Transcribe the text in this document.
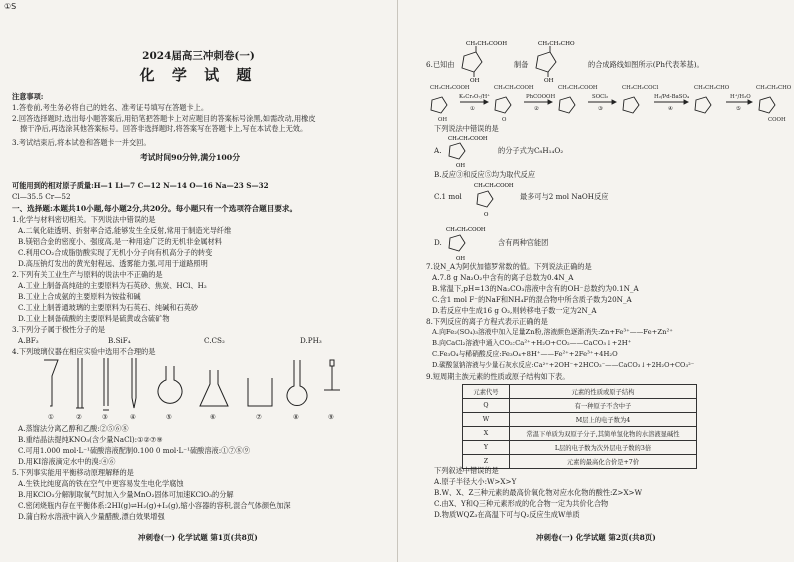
①S
2024届高三冲刺卷(一)
化 学 试 题
注意事项:
1.答卷前,考生务必将自己的姓名、准考证号填写在答题卡上。
2.回答选择题时,选出每小题答案后,用铅笔把答题卡上对应题目的答案标号涂黑,如需改动,用橡皮
擦干净后,再选涂其他答案标号。回答非选择题时,将答案写在答题卡上,写在本试卷上无效。
3.考试结束后,将本试卷和答题卡一并交回。
考试时间90分钟,满分100分
可能用到的相对原子质量:H—1 Li—7 C—12 N—14 O—16 Na—23 S—32
Cl—35.5 Cr—52
一、选择题:本题共10小题,每小题2分,共20分。每小题只有一个选项符合题目要求。
1.化学与材料密切相关。下列说法中错误的是
A.二氧化硅透明、折射率合适,能够发生全反射,常用于制造光导纤维
B.镁铝合金的密度小、强度高,是一种用途广泛的无机非金属材料
C.利用CO₂合成脂肪酸实现了无机小分子向有机高分子的转变
D.高压钠灯发出的黄光射程远、透雾能力强,可用于道路照明
2.下列有关工业生产与原料的说法中不正确的是
A.工业上制备高纯硅的主要原料为石英砂、焦炭、HCl、H₂
B.工业上合成氨的主要原料为铵盐和碱
C.工业上制普通玻璃的主要原料为石英石、纯碱和石英砂
D.工业上制备硫酸的主要原料是硫黄或含硫矿物
3.下列分子属于极性分子的是
A.BF₃	B.SiF₄	C.CS₂	D.PH₃
4.下列玻璃仪器在相应实验中选用不合理的是
①	②	③	④	⑤	⑥	⑦	⑧	⑨
A.蒸馏法分离乙醇和乙酸:②⑤⑥⑧
B.重结晶法提纯KNO₃(含少量NaCl):①②⑦⑨
C.可用1.000 mol·L⁻¹硫酸溶液配制0.100 0 mol·L⁻¹硫酸溶液:①⑦⑧⑨
D.用KI溶液滴定水中的溴:④⑥
5.下列事实能用平衡移动原理解释的是
A.生铁比纯度高的铁在空气中更容易发生电化学腐蚀
B.用KClO₃分解制取氧气时加入少量MnO₂固体可加速KClO₃的分解
C.密闭烧瓶内存在平衡体系:2HI(g)⇌H₂(g)+I₂(g),缩小容器的容积,混合气体颜色加深
D.蒲白粉水溶液中滴入少量醋酸,漂白效果增强
冲刺卷(一) 化学试题 第1页(共8页)
6.已知由
CH₂CH₂COOH
OH
制备
CH₂CH₂CHO
OH
的合成路线如图所示(Ph代表苯基)。
CH₂CH₂COOH
OH
K₂Cr₂O₇/H⁺
①
CH₂CH₂COOH
O
PhCOOOH
②
CH₂CH₂COOH
SOCl₂
③
CH₂CH₂COCl
H₂/Pd-BaSO₄
④
CH₂CH₂CHO
H⁺/H₂O
⑤
CH₂CH₂CHO
COOH
下列说法中错误的是
A.
CH₂CH₂COOH
OH
的分子式为C₈H₁₄O₂
B.反应③和反应⑤均为取代反应
C.1 mol
CH₂CH₂COOH
O
最多可与2 mol NaOH反应
D.
CH₂CH₂COOH
OH
含有两种官能团
7.设N_A为阿伏加德罗常数的值。下列说法正确的是
A.7.8 g Na₂O₂中含有的离子总数为0.4N_A
B.常温下,pH=13的Na₂CO₃溶液中含有的OH⁻总数约为0.1N_A
C.含1 mol F⁻的NaF和NH₄F的混合物中所含质子数为20N_A
D.若反应中生成16 g O₂,则转移电子数一定为2N_A
8.下列反应的离子方程式表示正确的是
A.向Fe₂(SO₄)₃溶液中加入足量Zn粉,溶液颜色逐渐消失:Zn+Fe³⁺——Fe+Zn²⁺
B.向CaCl₂溶液中通入CO₂:Ca²⁺+H₂O+CO₂——CaCO₃↓+2H⁺
C.Fe₃O₄与稀硝酸反应:Fe₃O₄+8H⁺——Fe²⁺+2Fe³⁺+4H₂O
D.碳酸氢钠溶液与少量石灰水反应:Ca²⁺+2OH⁻+2HCO₃⁻——CaCO₃↓+2H₂O+CO₃²⁻
9.短周期主族元素的性质或原子结构如下表。
元素代号	元素的性质或原子结构
Q	有一种原子不含中子
W	M层上的电子数为4
X	常温下单质为双原子分子,其简单氢化物的水溶液显碱性
Y	L层的电子数为次外层电子数的3倍
Z	元素的最高化合价是+7价
下列叙述中错误的是
A.原子半径大小:W>X>Y
B.W、X、Z三种元素的最高价氧化物对应水化物的酸性:Z>X>W
C.由X、Y和Q三种元素形成的化合物一定为共价化合物
D.物质WQZ₃在高温下可与Q₂反应生成W单质
冲刺卷(一) 化学试题 第2页(共8页)
